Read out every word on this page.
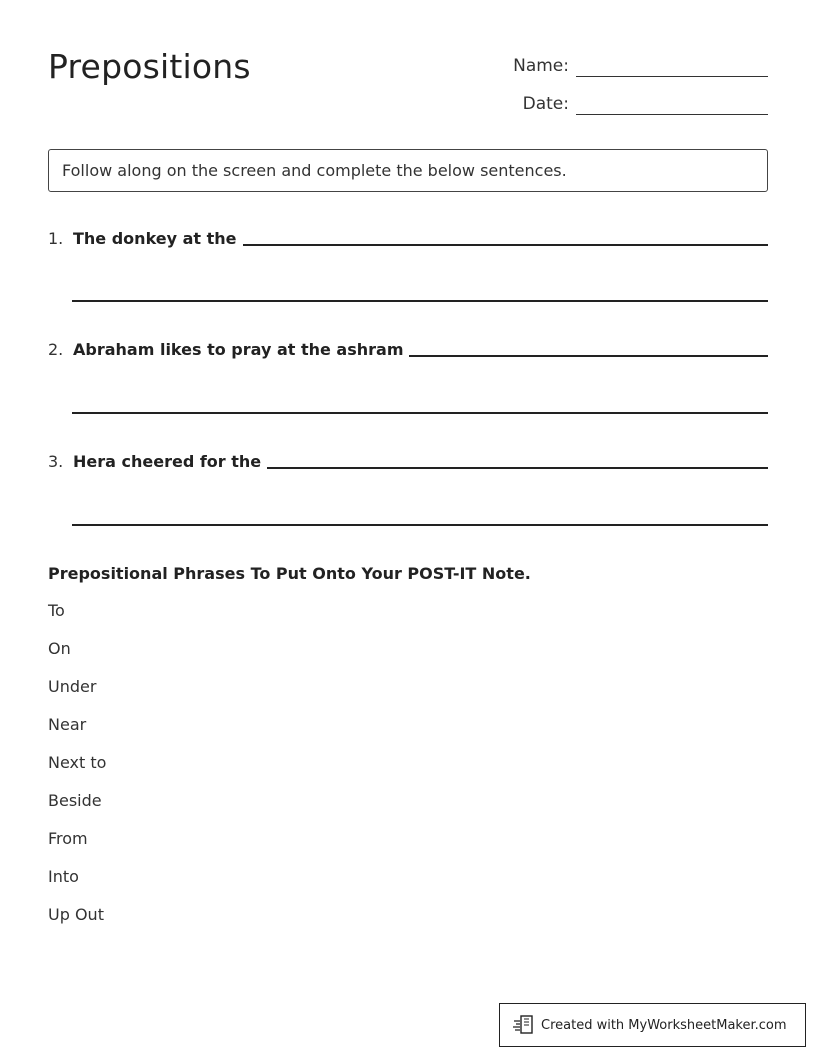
Prepositions	Name:
Date:
Follow along on the screen and complete the below sentences.
1. The donkey at the
2. Abraham likes to pray at the ashram
3. Hera cheered for the
Prepositional Phrases To Put Onto Your POST-IT Note.
To
On
Under
Near
Next to
Beside
From
Into
Up Out
Created with MyWorksheetMaker.com
